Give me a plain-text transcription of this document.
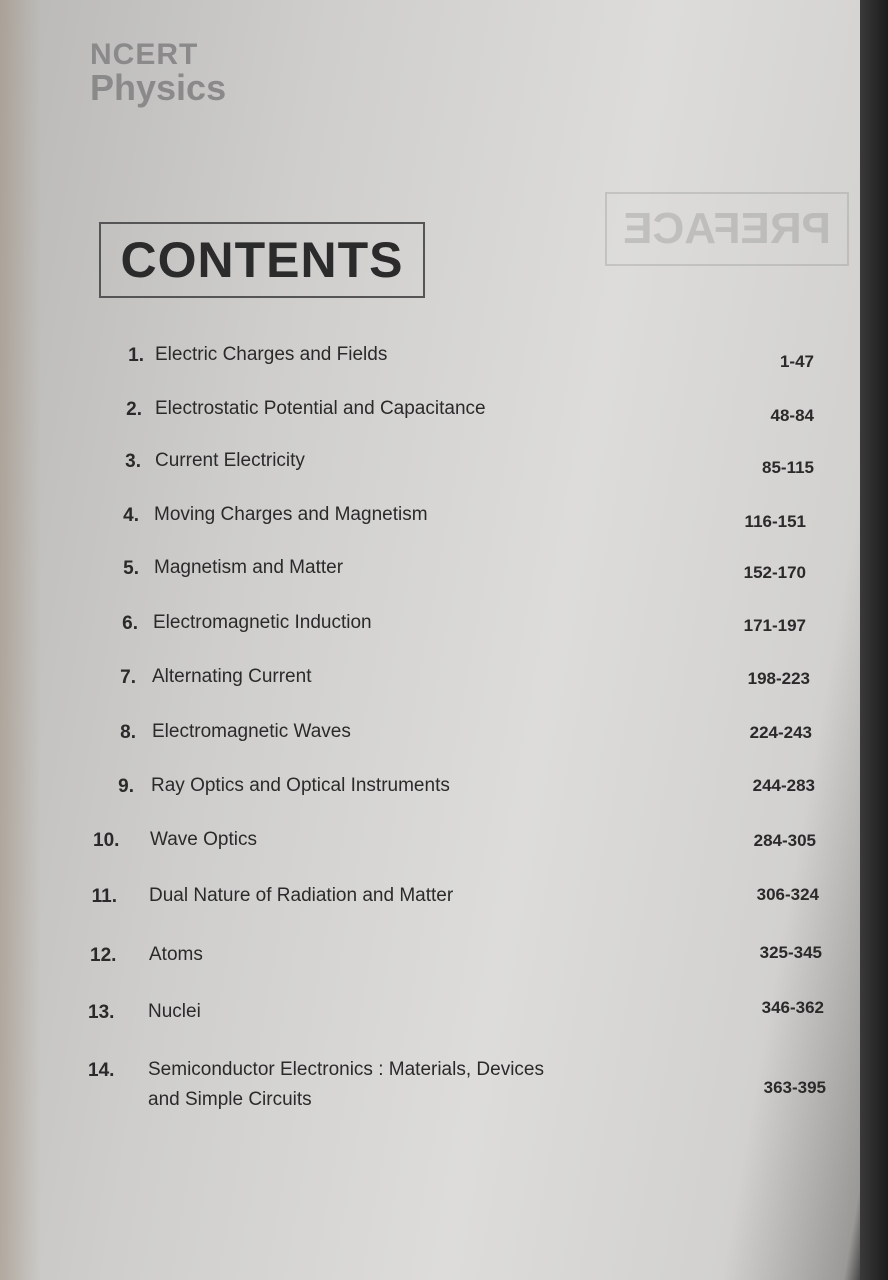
NCERT
Physics
PREFACE
CONTENTS
1. Electric Charges and Fields	1-47
2. Electrostatic Potential and Capacitance	48-84
3. Current Electricity	85-115
4. Moving Charges and Magnetism	116-151
5. Magnetism and Matter	152-170
6. Electromagnetic Induction	171-197
7. Alternating Current	198-223
8. Electromagnetic Waves	224-243
9. Ray Optics and Optical Instruments	244-283
10. Wave Optics	284-305
11. Dual Nature of Radiation and Matter	306-324
12. Atoms	325-345
13. Nuclei	346-362
14. Semiconductor Electronics : Materials, Devices
and Simple Circuits
363-395
